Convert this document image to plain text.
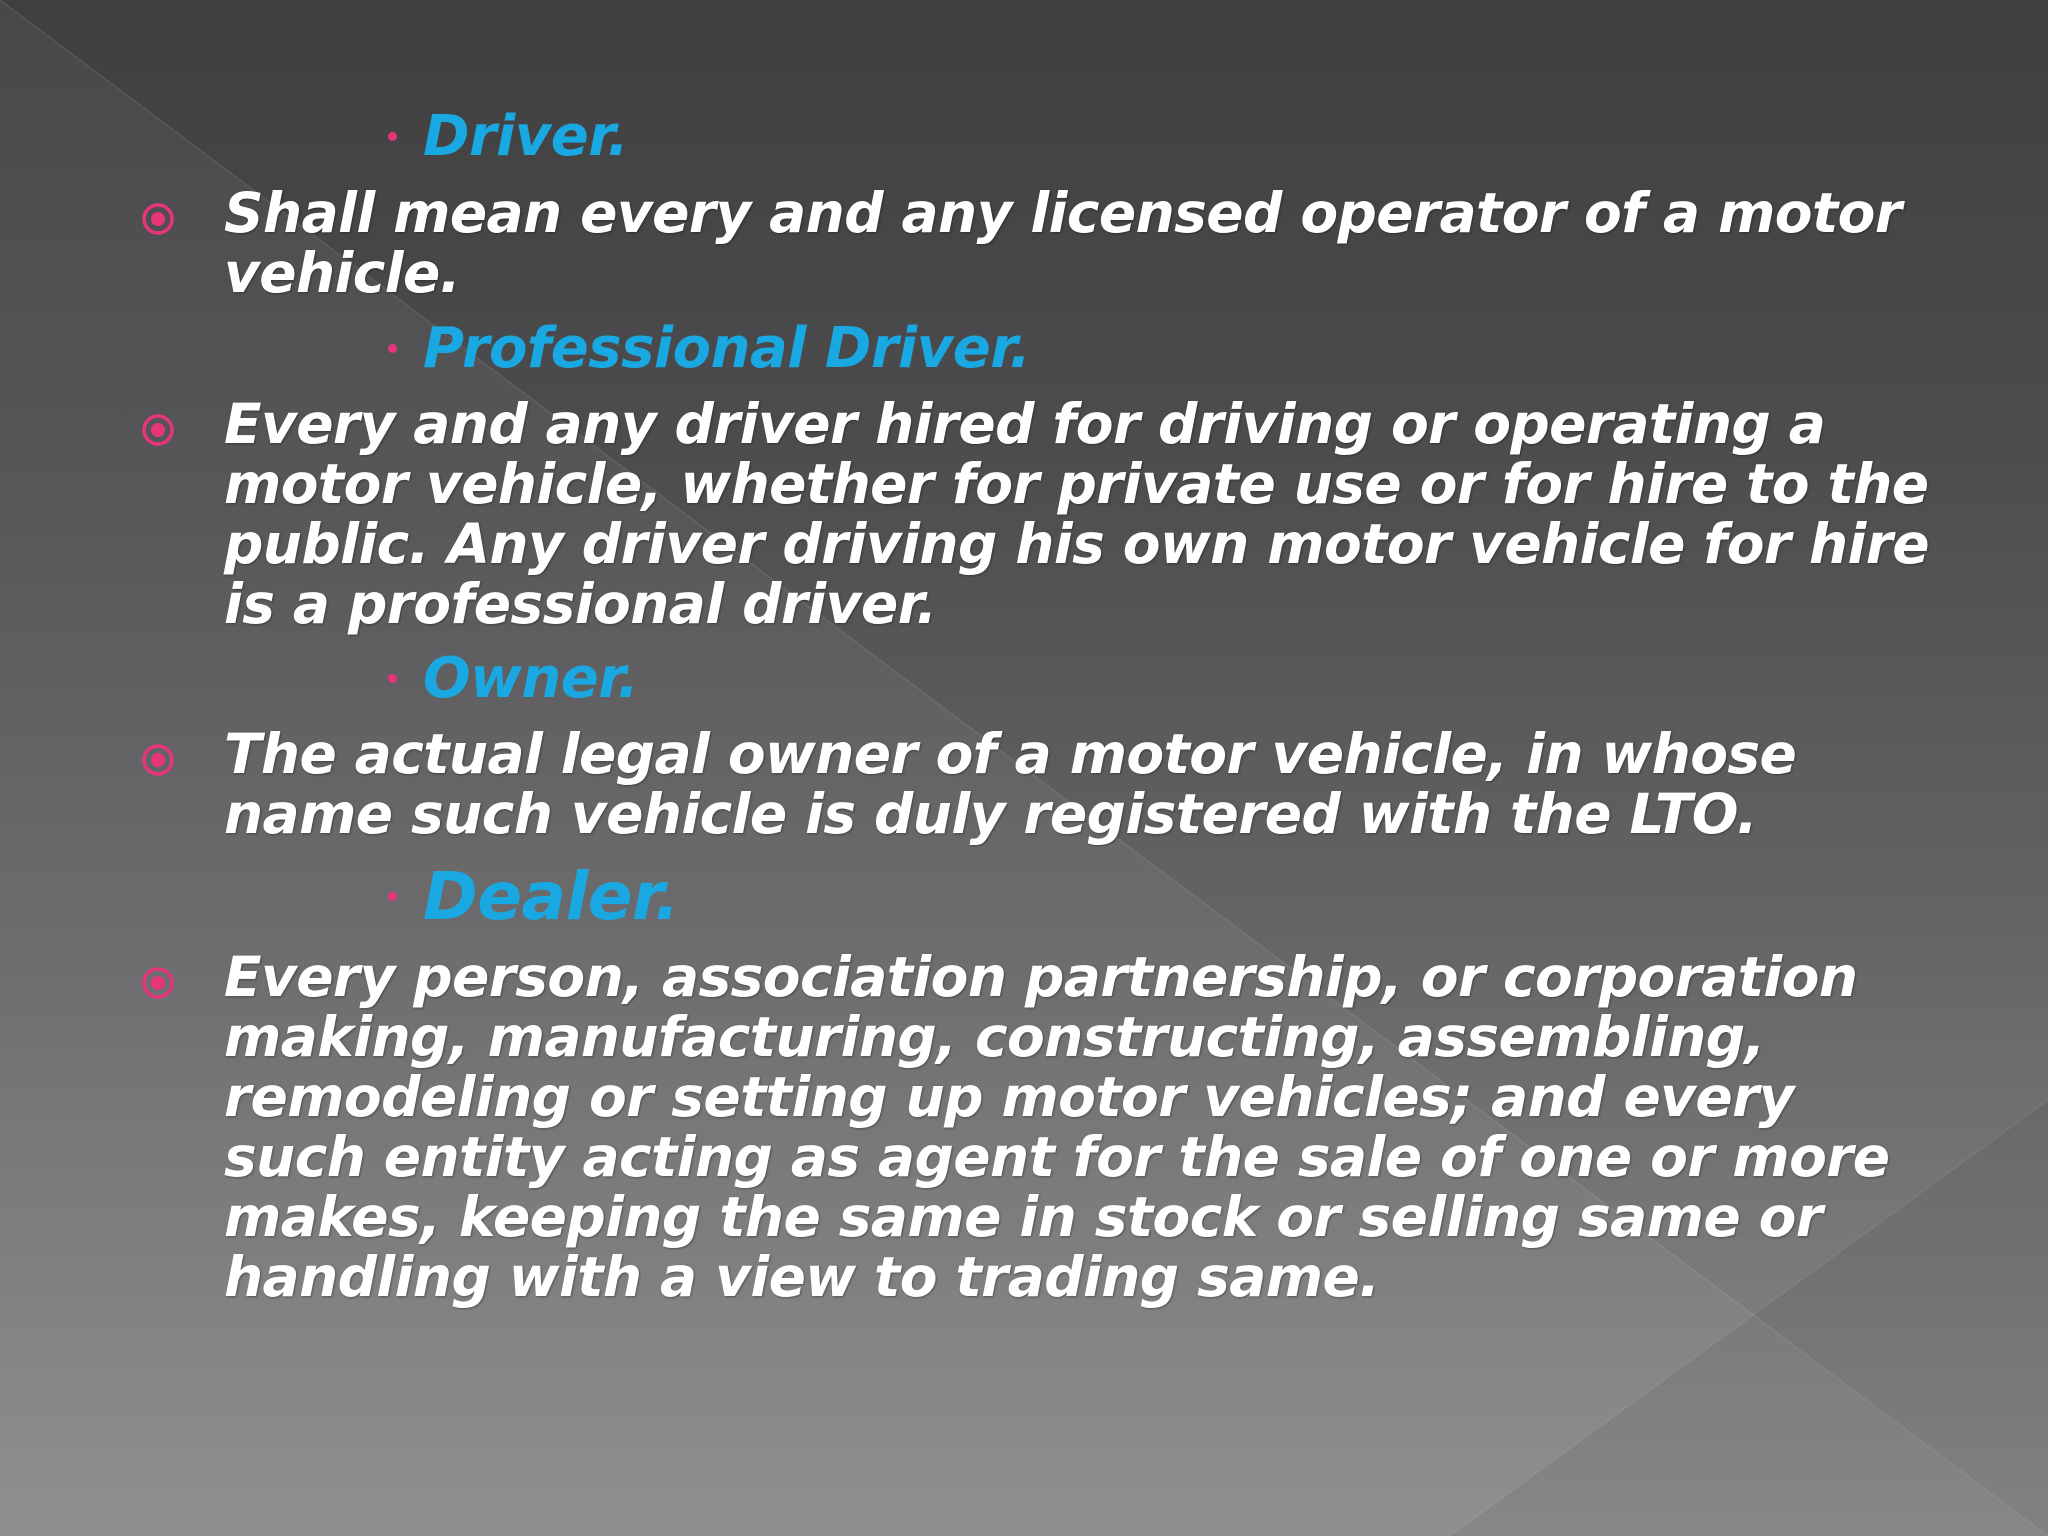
Driver.
Shall mean every and any licensed operator of a motor vehicle.
Professional Driver.
Every and any driver hired for driving or operating a motor vehicle, whether for private use or for hire to the public. Any driver driving his own motor vehicle for hire is a professional driver.
Owner.
The actual legal owner of a motor vehicle, in whose name such vehicle is duly registered with the LTO.
Dealer.
Every person, association partnership, or corporation making, manufacturing, constructing, assembling, remodeling or setting up motor vehicles; and every such entity acting as agent for the sale of one or more makes, keeping the same in stock or selling same or handling with a view to trading same.
